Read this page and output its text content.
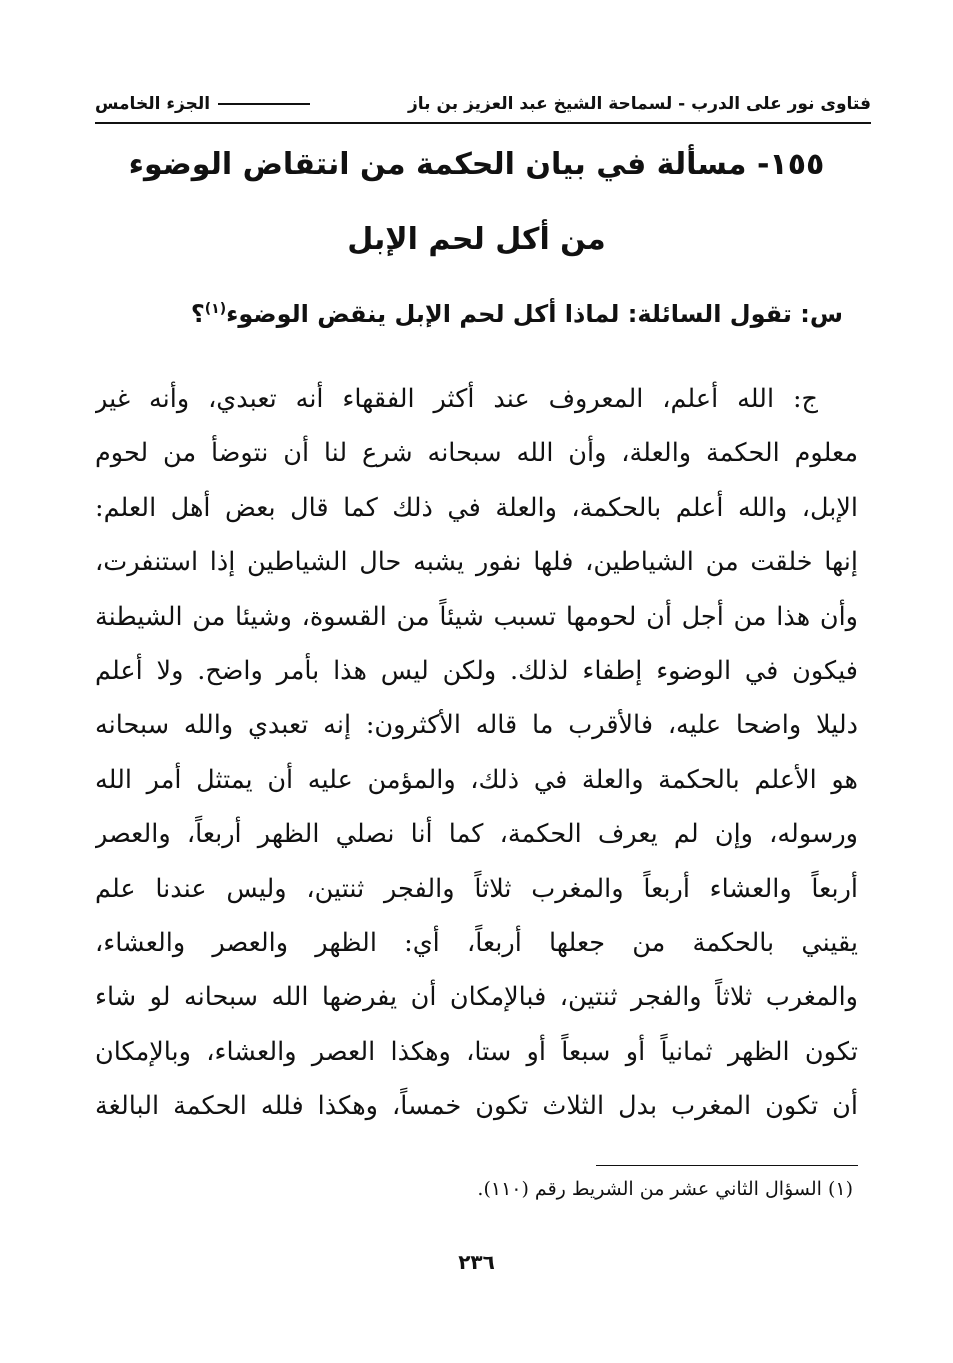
فتاوى نور على الدرب - لسماحة الشيخ عبد العزيز بن باز
الجزء الخامس
١٥٥- مسألة في بيان الحكمة من انتقاض الوضوء
من أكل لحم الإبل
س: تقول السائلة: لماذا أكل لحم الإبل ينقض الوضوء$^{(١)}$؟
ج: الله أعلم، المعروف عند أكثر الفقهاء أنه تعبدي، وأنه غير
معلوم الحكمة والعلة، وأن الله سبحانه شرع لنا أن نتوضأ من لحوم
الإبل، والله أعلم بالحكمة، والعلة في ذلك كما قال بعض أهل العلم:
إنها خلقت من الشياطين، فلها نفور يشبه حال الشياطين إذا استنفرت،
وأن هذا من أجل أن لحومها تسبب شيئاً من القسوة، وشيئا من الشيطنة
فيكون في الوضوء إطفاء لذلك. ولكن ليس هذا بأمر واضح. ولا أعلم
دليلا واضحا عليه، فالأقرب ما قاله الأكثرون: إنه تعبدي والله سبحانه
هو الأعلم بالحكمة والعلة في ذلك، والمؤمن عليه أن يمتثل أمر الله
ورسوله، وإن لم يعرف الحكمة، كما أنا نصلي الظهر أربعاً، والعصر
أربعاً والعشاء أربعاً والمغرب ثلاثاً والفجر ثنتين، وليس عندنا علم
يقيني بالحكمة من جعلها أربعاً، أي: الظهر والعصر والعشاء،
والمغرب ثلاثاً والفجر ثنتين، فبالإمكان أن يفرضها الله سبحانه لو شاء
تكون الظهر ثمانياً أو سبعاً أو ستا، وهكذا العصر والعشاء، وبالإمكان
أن تكون المغرب بدل الثلاث تكون خمساً، وهكذا فلله الحكمة البالغة
(١) السؤال الثاني عشر من الشريط رقم (١١٠).
٢٣٦
